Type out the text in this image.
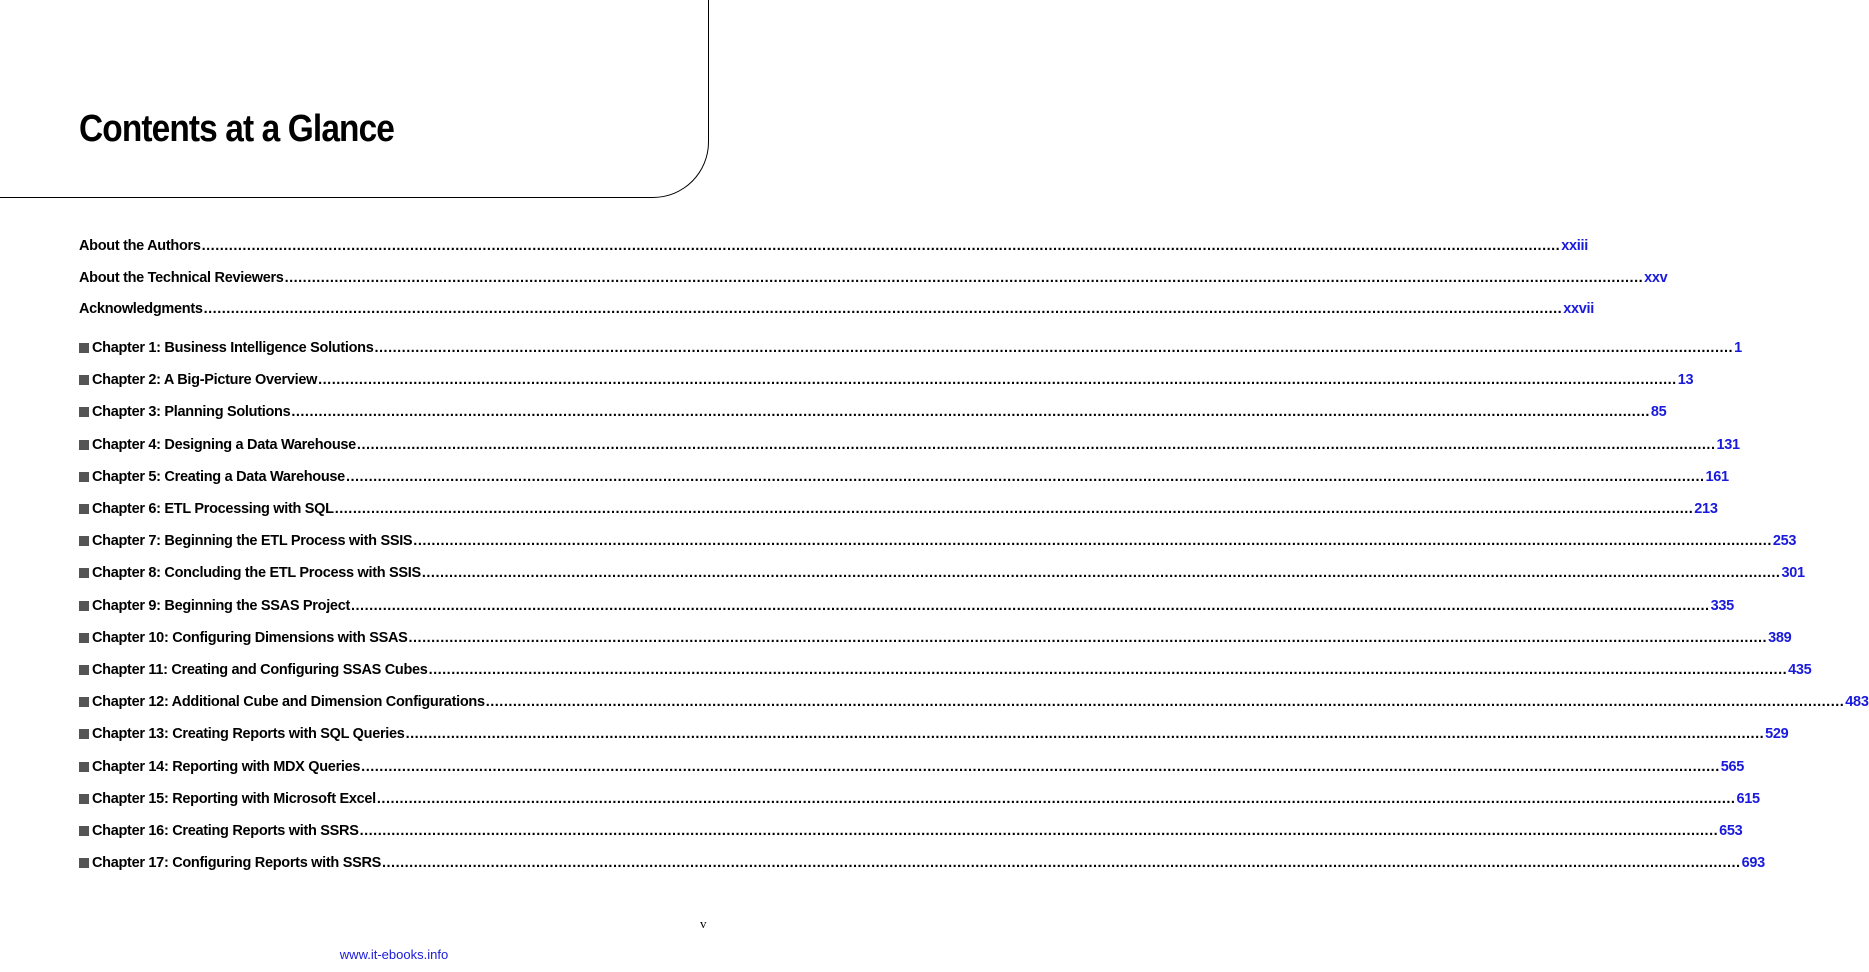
Contents at a Glance
About the Authors ............................................................................................................................................................................................................................................................................................................ xxiii
About the Technical Reviewers ............................................................................................................................................................................................................................................................................................................ xxv
Acknowledgments ............................................................................................................................................................................................................................................................................................................ xxvii
Chapter 1: Business Intelligence Solutions ............................................................................................................................................................................................................................................................................................................ 1
Chapter 2: A Big-Picture Overview ............................................................................................................................................................................................................................................................................................................ 13
Chapter 3: Planning Solutions ............................................................................................................................................................................................................................................................................................................ 85
Chapter 4: Designing a Data Warehouse ............................................................................................................................................................................................................................................................................................................ 131
Chapter 5: Creating a Data Warehouse ............................................................................................................................................................................................................................................................................................................ 161
Chapter 6: ETL Processing with SQL ............................................................................................................................................................................................................................................................................................................ 213
Chapter 7: Beginning the ETL Process with SSIS ............................................................................................................................................................................................................................................................................................................ 253
Chapter 8: Concluding the ETL Process with SSIS ............................................................................................................................................................................................................................................................................................................ 301
Chapter 9: Beginning the SSAS Project ............................................................................................................................................................................................................................................................................................................ 335
Chapter 10: Configuring Dimensions with SSAS ............................................................................................................................................................................................................................................................................................................ 389
Chapter 11: Creating and Configuring SSAS Cubes ............................................................................................................................................................................................................................................................................................................ 435
Chapter 12: Additional Cube and Dimension Configurations ............................................................................................................................................................................................................................................................................................................ 483
Chapter 13: Creating Reports with SQL Queries ............................................................................................................................................................................................................................................................................................................ 529
Chapter 14: Reporting with MDX Queries ............................................................................................................................................................................................................................................................................................................ 565
Chapter 15: Reporting with Microsoft Excel ............................................................................................................................................................................................................................................................................................................ 615
Chapter 16: Creating Reports with SSRS ............................................................................................................................................................................................................................................................................................................ 653
Chapter 17: Configuring Reports with SSRS ............................................................................................................................................................................................................................................................................................................ 693
v
www.it-ebooks.info
